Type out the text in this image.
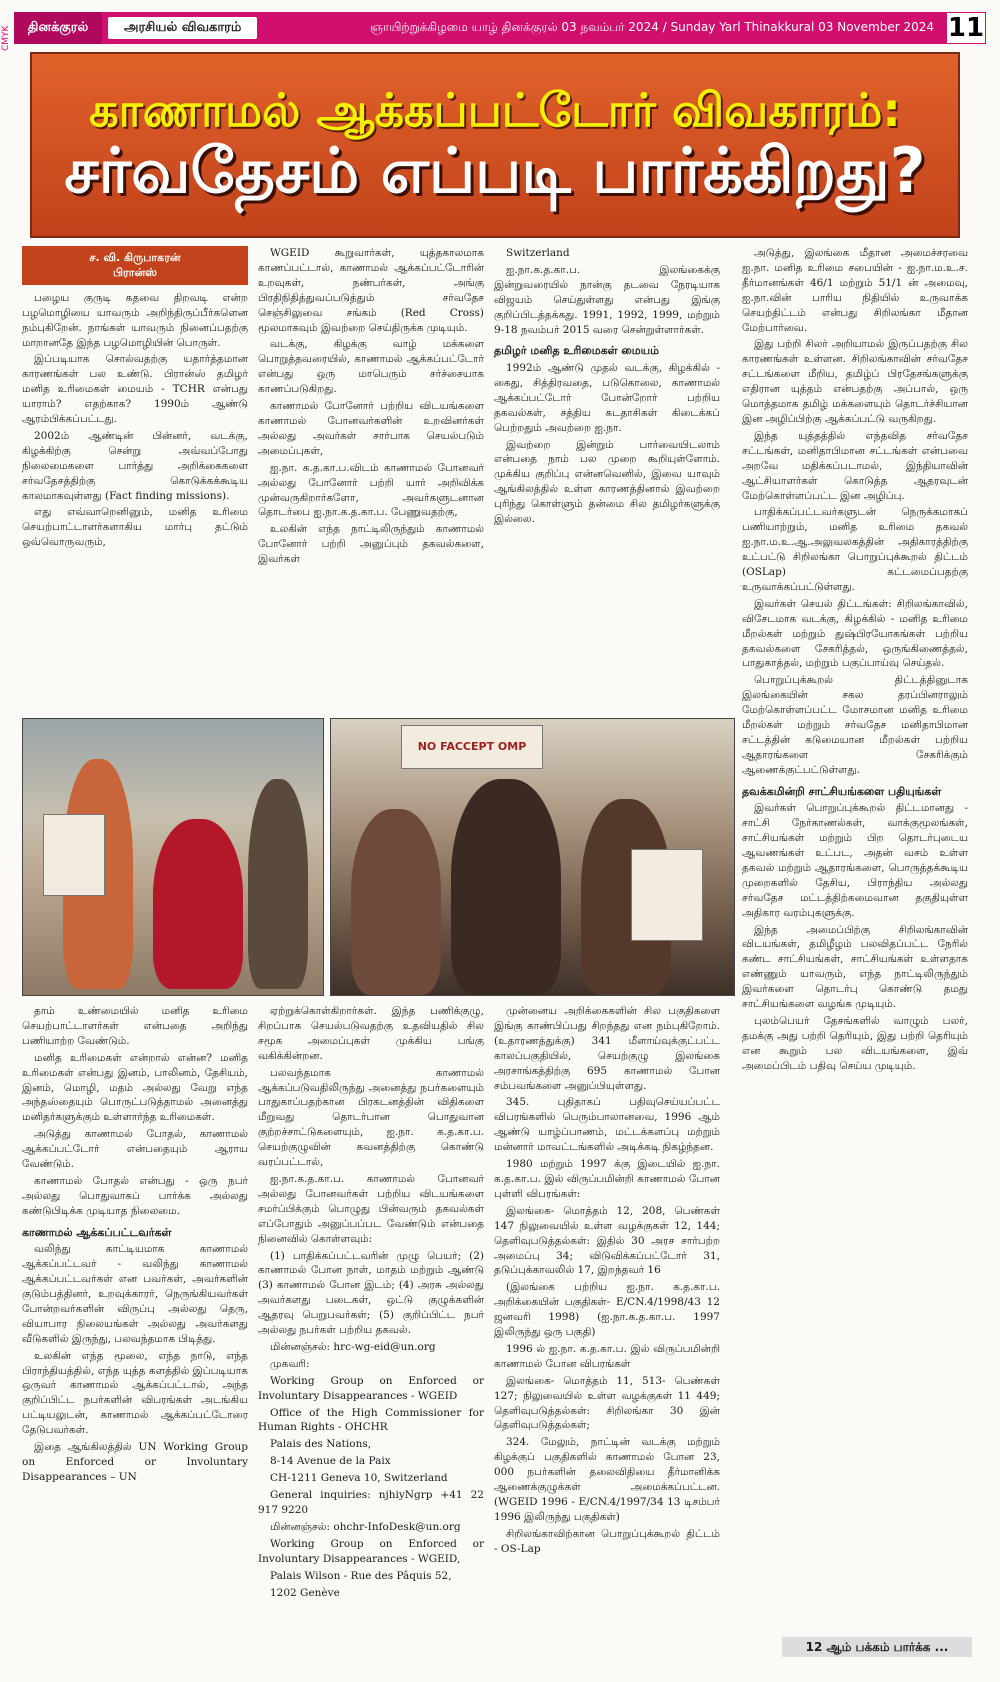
CMYK	தினக்குரல்	அரசியல் விவகாரம்	ஞாயிற்றுக்கிழமை யாழ் தினக்குரல் 03 நவம்பர் 2024 / Sunday Yarl Thinakkural 03 November 2024 11
காணாமல் ஆக்கப்பட்டோர் விவகாரம்:
சர்வதேசம் எப்படி பார்க்கிறது?
ச. வி. கிருபாகரன்
பிரான்ஸ்

பழைய குருடி கதவை திறவடி என்ற பழமொழியை யாவரும் அறிந்திருப்பீர்களென நம்புகிறேன். நாங்கள் யாவரும் நினைப்பதற்கு மாறானதே இந்த பழமொழியின் பொருள்.

இப்படியாக சொல்வதற்கு யதார்த்தமான காரணங்கள் பல உண்டு. பிரான்ஸ் தமிழர் மனித உரிமைகள் மையம் - TCHR என்பது யாராம்? எதற்காக? 1990ம் ஆண்டு ஆரம்பிக்கப்பட்டது.

2002ம் ஆண்டின் பின்னர், வடக்கு, கிழக்கிற்கு சென்று அவ்வப்போது நிலைமைகளை பார்த்து அறிக்கைகளை சர்வதேசத்திற்கு கொடுக்கக்கூடிய காலமாகவுள்ளது (Fact finding missions).

எது எவ்வாறெனினும், மனித உரிமை செயற்பாட்டாளர்களாகிய மார்பு தட்டும் ஒவ்வொருவரும்,

WGEID கூறுவார்கள், யுத்தகாலமாக காணப்பட்டால், காணாமல் ஆக்கப்பட்டோரின் உறவுகள், நண்பர்கள், அங்கு பிரதிநிதித்துவப்படுத்தும் சர்வதேச செஞ்சிலுவை சங்கம் (Red Cross) மூலமாகவும் இவற்றை செய்திருக்க முடியும்.

வடக்கு, கிழக்கு வாழ் மக்களை பொறுத்தவரையில், காணாமல் ஆக்கப்பட்டோர் என்பது ஒரு மாபெரும் சர்ச்சையாக காணப்படுகிறது.

காணாமல் போனோர் பற்றிய விடயங்களை காணாமல் போனவர்களின் உறவினர்கள் அல்லது அவர்கள் சார்பாக செயல்படும் அமைப்புகள்,

ஐ.நா. க.த.கா.ப.விடம் காணாமல் போனவர் அல்லது போனோர் பற்றி யார் அறிவிக்க முன்வருகிறார்களோ, அவர்களுடனான தொடர்பை ஐ.நா.க.த.கா.ப. பேணுவதற்கு,

உலகின் எந்த நாட்டிலிருந்தும் காணாமல் போனோர் பற்றி அனுப்பும் தகவல்களை, இவர்கள்

Switzerland

ஐ.நா.க.த.கா.ப. இலங்கைக்கு இன்றுவரையில் நான்கு தடவை நேரடியாக விஜயம் செய்துள்ளது என்பது இங்கு குறிப்பிடத்தக்கது. 1991, 1992, 1999, மற்றும் 9-18 நவம்பர் 2015 வரை சென்றுள்ளார்கள்.

தமிழர் மனித உரிமைகள் மையம்

1992ம் ஆண்டு முதல் வடக்கு, கிழக்கில் - கைது, சித்திரவதை, படுகொலை, காணாமல் ஆக்கப்பட்டோர் போன்றோர் பற்றிய தகவல்கள், சத்திய கடதாசிகள் கிடைக்கப் பெற்றதும் அவற்றை ஐ.நா.

இவற்றை இன்றும் பார்வையிடலாம் என்பதை நாம் பல முறை கூறியுள்ளோம். முக்கிய குறிப்பு என்னவெனில், இவை யாவும் ஆங்கிலத்தில் உள்ள காரணத்தினால் இவற்றை புரிந்து கொள்ளும் தன்மை சில தமிழர்களுக்கு இல்லை.

அடுத்து, இலங்கை மீதான அமைச்சரவை ஐ.நா. மனித உரிமை சபையின் - ஐ.நா.ம.உ.ச. தீர்மானங்கள் 46/1 மற்றும் 51/1 ன் அமைவு, ஐ.நா.வின் பாரிய நிதியில் உருவாக்க செயற்திட்டம் என்பது சிறிலங்கா மீதான மேற்பார்வை.

இது பற்றி சிலர் அறியாமல் இருப்பதற்கு சில காரணங்கள் உள்ளன. சிறிலங்காவின் சர்வதேச சட்டங்களை மீறிய, தமிழ்ப் பிரதேசங்களுக்கு எதிரான யுத்தம் என்பதற்கு அப்பால், ஒரு மொத்தமாக தமிழ் மக்களையும் தொடர்ச்சியான இன அழிப்பிற்கு ஆக்கப்பட்டு வருகிறது.

இந்த யுத்தத்தில் எந்தவித சர்வதேச சட்டங்கள், மனிதாபிமான சட்டங்கள் என்பவை அறவே மதிக்கப்படாமல், இந்தியாவின் ஆட்சியாளர்கள் கொடுத்த ஆதரவுடன் மேற்கொள்ளப்பட்ட இன அழிப்பு.

பாதிக்கப்பட்டவர்களுடன் நெருக்கமாகப் பணியாற்றும், மனித உரிமை தகவல் ஐ.நா.ம.உ.ஆ.அலுவலகத்தின் அதிகாரத்திற்கு உட்பட்டு சிறிலங்கா பொறுப்புக்கூறல் திட்டம் (OSLap) கட்டமைப்பதற்கு உருவாக்கப்பட்டுள்ளது.

இவர்கள் செயல் திட்டங்கள்: சிறிலங்காவில், விசேடமாக வடக்கு, கிழக்கில் - மனித உரிமை மீறல்கள் மற்றும் துஷ்பிரயோகங்கள் பற்றிய தகவல்களை சேகரித்தல், ஒருங்கிணைத்தல், பாதுகாத்தல், மற்றும் பகுப்பாய்வு செய்தல்.

பொறுப்புக்கூறல் திட்டத்தினுடாக இலங்கையின் சகல தரப்பினராலும் மேற்கொள்ளப்பட்ட மோசமான மனித உரிமை மீறல்கள் மற்றும் சர்வதேச மனிதாபிமான சட்டத்தின் கடுமையான மீறல்கள் பற்றிய ஆதாரங்களை சேகரிக்கும் ஆணைக்குட்பட்டுள்ளது.

தவக்கமின்றி சாட்சியங்களை பதியுங்கள்

இவர்கள் பொறுப்புக்கூறல் திட்டமானது - சாட்சி நேர்காணல்கள், வாக்குமூலங்கள், சாட்சியங்கள் மற்றும் பிற தொடர்புடைய ஆவணங்கள் உட்பட, அதன் வசம் உள்ள தகவல் மற்றும் ஆதாரங்களை, பொருத்தக்கூடிய முறைகளில் தேசிய, பிராந்திய அல்லது சர்வதேச மட்டத்திற்கமைவான தகுதியுள்ள அதிகார வரம்புகளுக்கு.

இந்த அமைப்பிற்கு சிறிலங்காவின் விடயங்கள், தமிழீழம் பலவிதப்பட்ட நேரில் கண்ட சாட்சியங்கள், சாட்சியங்கள் உள்ளதாக எண்ணும் யாவரும், எந்த நாட்டிலிருந்தும் இவர்களை தொடர்பு கொண்டு தமது சாட்சியங்களை வழங்க முடியும்.

புலம்பெயர் தேசங்களில் வாழும் பலர், தமக்கு அது பற்றி தெரியும், இது பற்றி தெரியும் என கூறும் பல விடயங்களை, இவ் அமைப்பிடம் பதிவு செய்ய முடியும்.

NO FACCEPT OMP

தாம் உண்மையில் மனித உரிமை செயற்பாட்டாளர்கள் என்பதை அறிந்து பணியாற்ற வேண்டும்.

மனித உரிமைகள் என்றால் என்ன? மனித உரிமைகள் என்பது இனம், பாலினம், தேசியம், இனம், மொழி, மதம் அல்லது வேறு எந்த அந்தஸ்தையும் பொருட்படுத்தாமல் அனைத்து மனிதர்களுக்கும் உள்ளார்ந்த உரிமைகள்.

அடுத்து காணாமல் போதல், காணாமல் ஆக்கப்பட்டோர் என்பதையும் ஆராய வேண்டும்.

காணாமல் போதல் என்பது - ஒரு நபர் அல்லது பொதுவாகப் பார்க்க அல்லது கண்டுபிடிக்க முடியாத நிலைமை.

காணாமல் ஆக்கப்பட்டவர்கள்

வலிந்து காட்டியமாக காணாமல் ஆக்கப்பட்டவர் - வலிந்து காணாமல் ஆக்கப்பட்டவர்கள் என பவர்கள், அவர்களின் குடும்பத்தினர், உறவுக்காரர், நெருங்கியவர்கள் போன்றவர்களின் விருப்பு அல்லது தெரு, வியாபார நிலையங்கள் அல்லது அவர்களது வீடுகளில் இருந்து, பலவந்தமாக பிடித்து.

உலகின் எந்த மூலை, எந்த நாடு, எந்த பிராந்தியத்தில், எந்த யுத்த களத்தில் இப்படியாக ஒருவர் காணாமல் ஆக்கப்பட்டால், அந்த குறிப்பிட்ட நபர்களின் விபரங்கள் அடங்கிய பட்டியலுடன், காணாமல் ஆக்கப்பட்டோரை தேடுபவர்கள்.

இதை ஆங்கிலத்தில் UN Working Group on Enforced or Involuntary Disappearances – UN

ஏற்றுக்கொள்கிறார்கள். இந்த பணிக்குழு, சிறப்பாக செயல்படுவதற்கு உதவியதில் சில சமூக அமைப்புகள் முக்கிய பங்கு வகிக்கின்றன.

பலவந்தமாக காணாமல் ஆக்கப்படுவதிலிருந்து அனைத்து நபர்களையும் பாதுகாப்பதற்கான பிரகடனத்தின் விதிகளை மீறுவது தொடர்பான பொதுவான குற்றச்சாட்டுகளையும், ஐ.நா. க.த.கா.ப. செயற்குழுவின் கவனத்திற்கு கொண்டு வரப்பட்டால்,

ஐ.நா.க.த.கா.ப. காணாமல் போனவர் அல்லது போனவர்கள் பற்றிய விடயங்களை சமர்ப்பிக்கும் பொழுது பின்வரும் தகவல்கள் எப்போதும் அனுப்பப்பட வேண்டும் என்பதை நினைவில் கொள்ளவும்:

(1) பாதிக்கப்பட்டவரின் முழு பெயர்; (2) காணாமல் போன நாள், மாதம் மற்றும் ஆண்டு (3) காணாமல் போன இடம்; (4) அரசு அல்லது அவர்களது படைகள், ஒட்டு குழுக்களின் ஆதரவு பெறுபவர்கள்; (5) குறிப்பிட்ட நபர் அல்லது நபர்கள் பற்றிய தகவல்.

மின்னஞ்சல்: hrc-wg-eid@un.org

முகவரி:

Working Group on Enforced or Involuntary Disappearances - WGEID

Office of the High Commissioner for Human Rights - OHCHR

Palais des Nations,

8-14 Avenue de la Paix

CH-1211 Geneva 10, Switzerland

General inquiries: njhiyNgrp +41 22 917 9220

மின்னஞ்சல்: ohchr-InfoDesk@un.org

Working Group on Enforced or Involuntary Disappearances - WGEID,

Palais Wilson - Rue des Pâquis 52,

1202 Genève

முன்னைய அறிக்கைகளின் சில பகுதிகளை இங்கு காண்பிப்பது சிறந்தது என நம்புகிறோம். (உதாரணத்துக்கு) 341 மீளாய்வுக்குட்பட்ட காலப்பகுதியில், செயற்குழு இலங்கை அரசாங்கத்திற்கு 695 காணாமல் போன சம்பவங்களை அனுப்பியுள்ளது.

345. புதிதாகப் பதிவுசெய்யப்பட்ட விபரங்களில் பெரும்பாலானவை, 1996 ஆம் ஆண்டு யாழ்ப்பாணம், மட்டக்களப்பு மற்றும் மன்னார் மாவட்டங்களில் அடிக்கடி நிகழ்ந்தன.

1980 மற்றும் 1997 க்கு இடையில் ஐ.நா. க.த.கா.ப. இல் விருப்பமின்றி காணாமல் போன புள்ளி விபரங்கள்:

இலங்கை- மொத்தம் 12, 208, பெண்கள் 147 நிலுவையில் உள்ள வழக்குகள் 12, 144; தெளிவுபடுத்தல்கள்: இதில் 30 அரச சார்பற்ற அமைப்பு 34; விடுவிக்கப்பட்டோர் 31, தடுப்புக்காவலில் 17, இறந்தவர் 16

(இலங்கை பற்றிய ஐ.நா. க.த.கா.ப. அறிக்கையின் பகுதிகள்- E/CN.4/1998/43 12 ஜனவரி 1998) (ஐ.நா.க.த.கா.ப. 1997 இலிருந்து ஒரு பகுதி)

1996 ல் ஐ.நா. க.த.கா.ப. இல் விருப்பமின்றி காணாமல் போன விபரங்கள்

இலங்கை- மொத்தம் 11, 513- பெண்கள் 127; நிலுவையில் உள்ள வழக்குகள் 11 449; தெளிவுபடுத்தல்கள்: சிறிலங்கா 30 இன் தெளிவுபடுத்தல்கள்;

324. மேலும், நாட்டின் வடக்கு மற்றும் கிழக்குப் பகுதிகளில் காணாமல் போன 23, 000 நபர்களின் தலைவிதியை தீர்மானிக்க ஆணைக்குழுக்கள் அமைக்கப்பட்டன. (WGEID 1996 - E/CN.4/1997/34 13 டிசம்பர் 1996 இலிருந்து பகுதிகள்)

சிறிலங்காவிற்கான பொறுப்புக்கூறல் திட்டம் - OS-Lap

12 ஆம் பக்கம் பார்க்க ...
